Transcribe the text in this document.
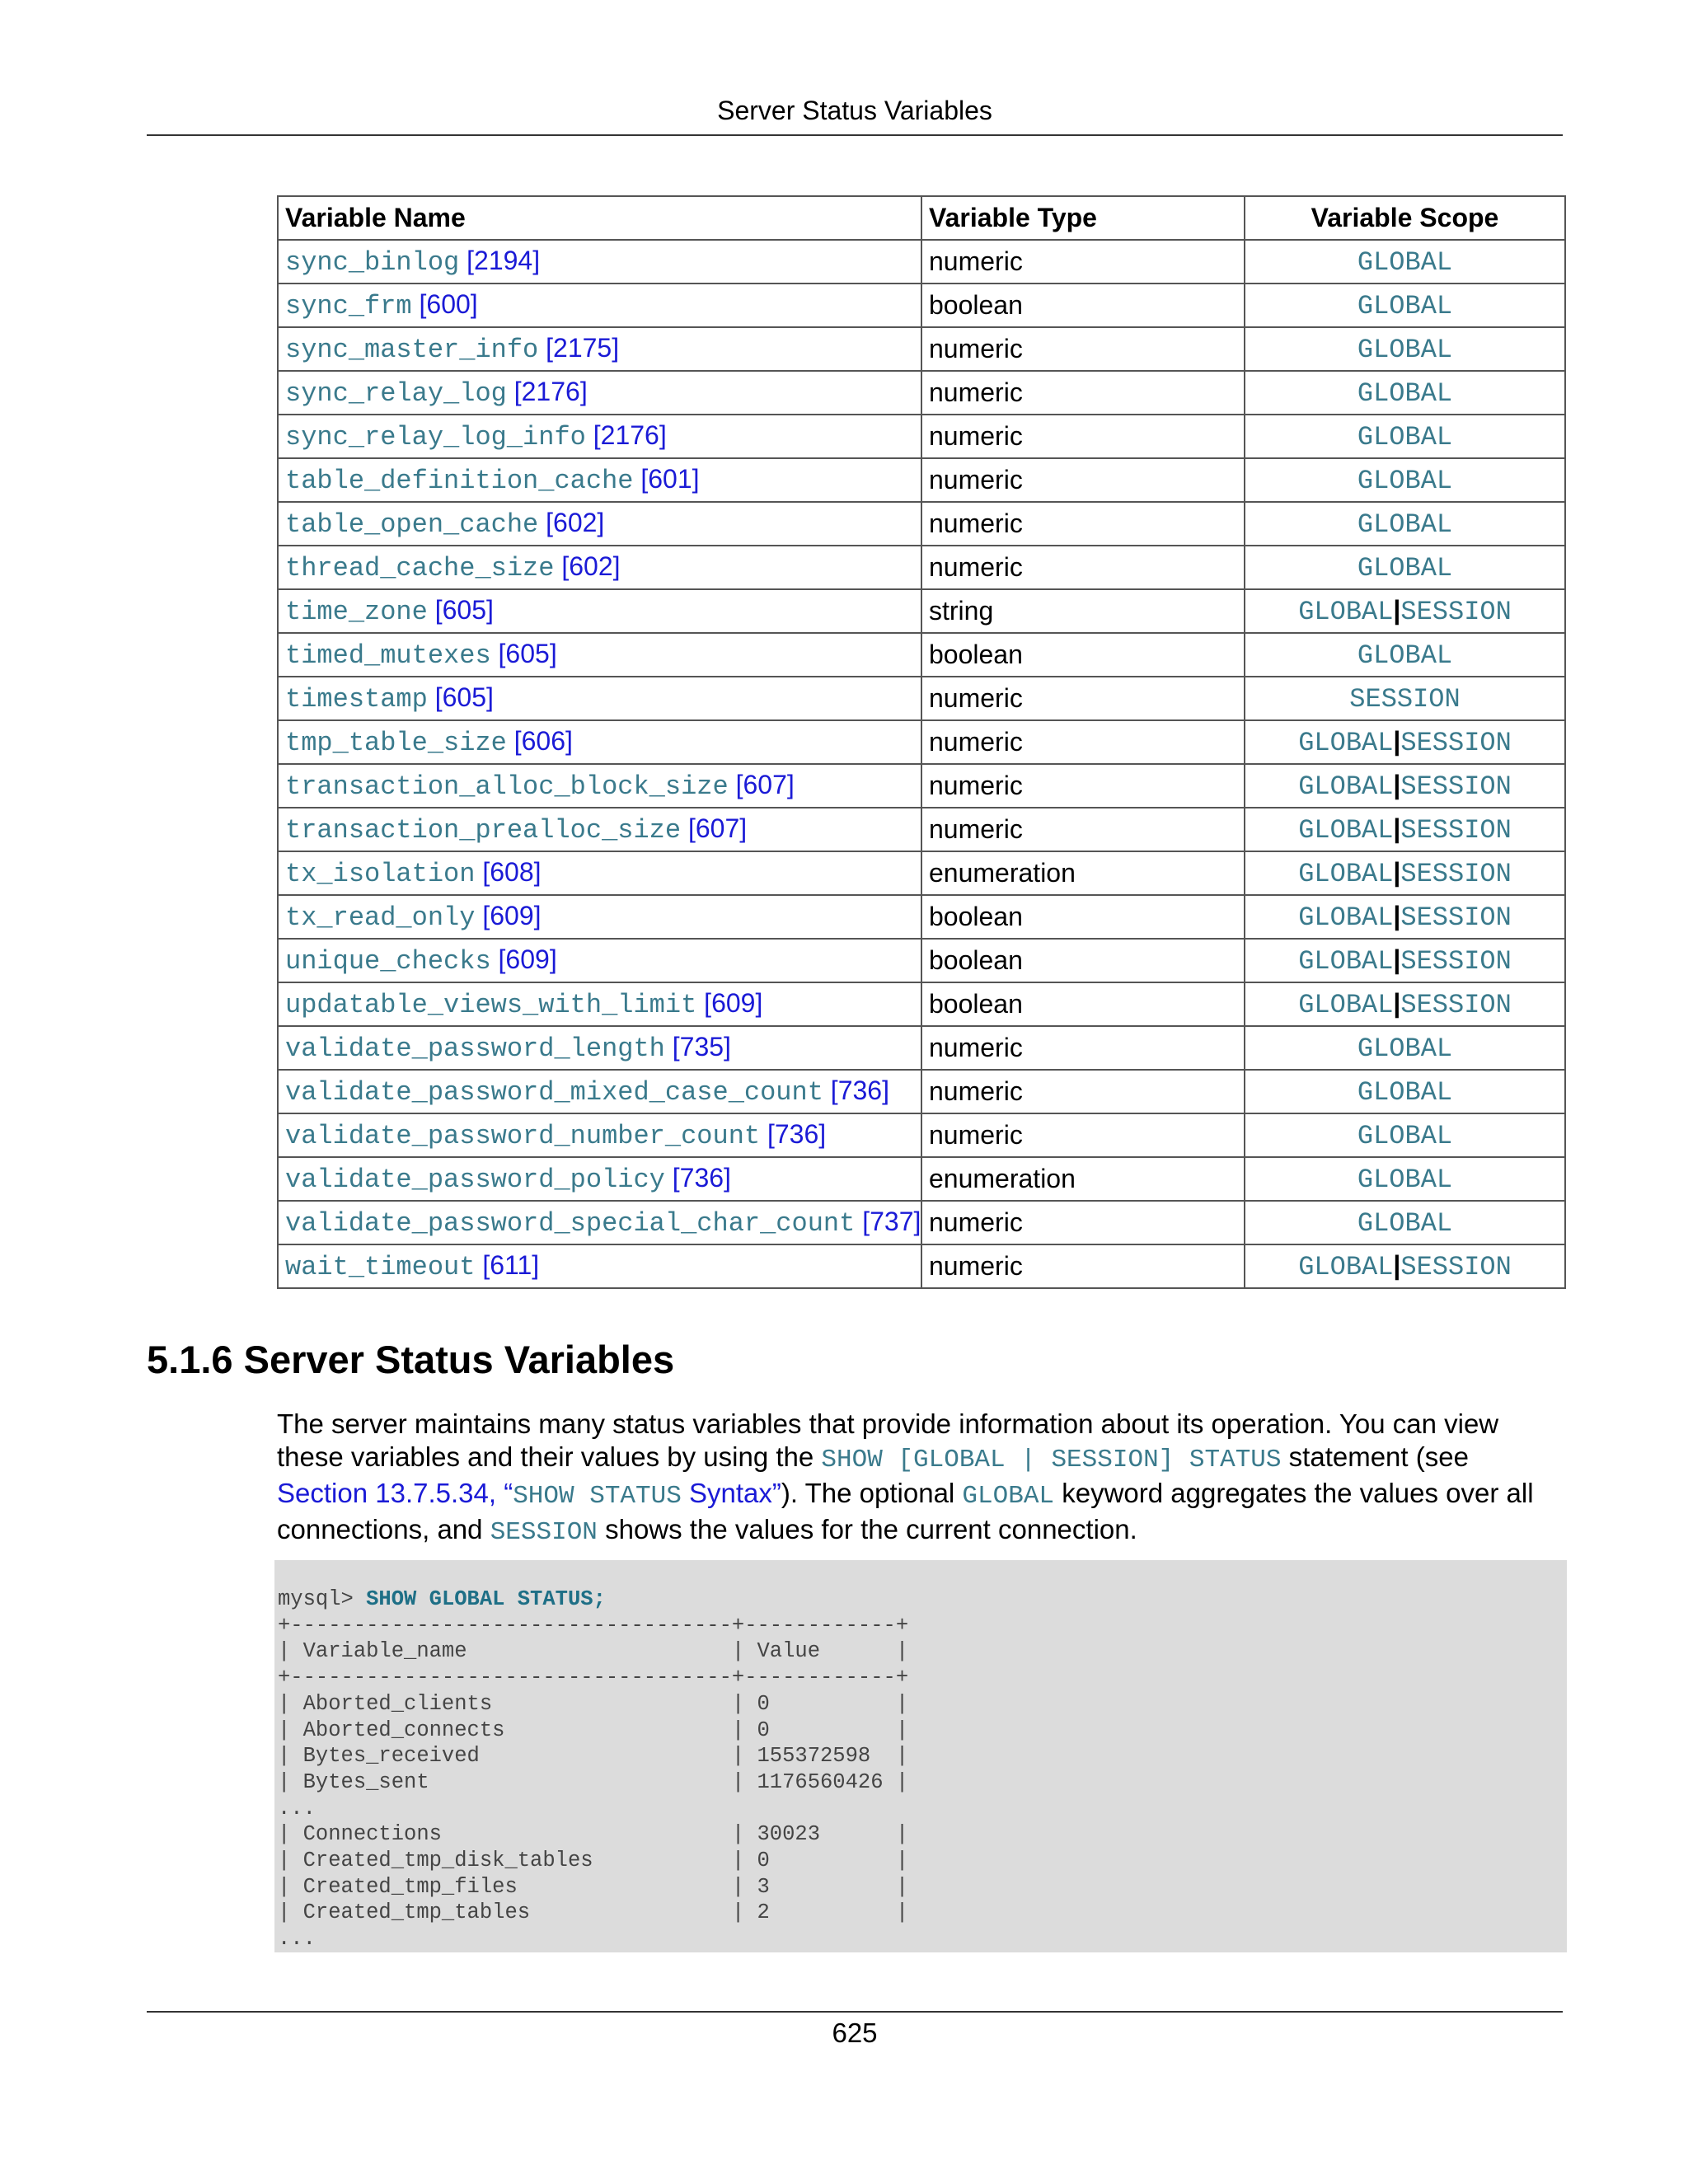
Server Status Variables
Variable Name	Variable Type	Variable Scope
sync_binlog [2194]	numeric	GLOBAL
sync_frm [600]	boolean	GLOBAL
sync_master_info [2175]	numeric	GLOBAL
sync_relay_log [2176]	numeric	GLOBAL
sync_relay_log_info [2176]	numeric	GLOBAL
table_definition_cache [601]	numeric	GLOBAL
table_open_cache [602]	numeric	GLOBAL
thread_cache_size [602]	numeric	GLOBAL
time_zone [605]	string	GLOBAL|SESSION
timed_mutexes [605]	boolean	GLOBAL
timestamp [605]	numeric	SESSION
tmp_table_size [606]	numeric	GLOBAL|SESSION
transaction_alloc_block_size [607]	numeric	GLOBAL|SESSION
transaction_prealloc_size [607]	numeric	GLOBAL|SESSION
tx_isolation [608]	enumeration	GLOBAL|SESSION
tx_read_only [609]	boolean	GLOBAL|SESSION
unique_checks [609]	boolean	GLOBAL|SESSION
updatable_views_with_limit [609]	boolean	GLOBAL|SESSION
validate_password_length [735]	numeric	GLOBAL
validate_password_mixed_case_count [736]	numeric	GLOBAL
validate_password_number_count [736]	numeric	GLOBAL
validate_password_policy [736]	enumeration	GLOBAL
validate_password_special_char_count [737]	numeric	GLOBAL
wait_timeout [611]	numeric	GLOBAL|SESSION
5.1.6 Server Status Variables

The server maintains many status variables that provide information about its operation. You can view these variables and their values by using the SHOW [GLOBAL | SESSION] STATUS statement (see Section 13.7.5.34, “SHOW STATUS Syntax”). The optional GLOBAL keyword aggregates the values over all connections, and SESSION shows the values for the current connection.

mysql> SHOW GLOBAL STATUS;
+-----------------------------------+------------+
| Variable_name                     | Value      |
+-----------------------------------+------------+
| Aborted_clients                   | 0          |
| Aborted_connects                  | 0          |
| Bytes_received                    | 155372598  |
| Bytes_sent                        | 1176560426 |
...
| Connections                       | 30023      |
| Created_tmp_disk_tables           | 0          |
| Created_tmp_files                 | 3          |
| Created_tmp_tables                | 2          |
...
625
